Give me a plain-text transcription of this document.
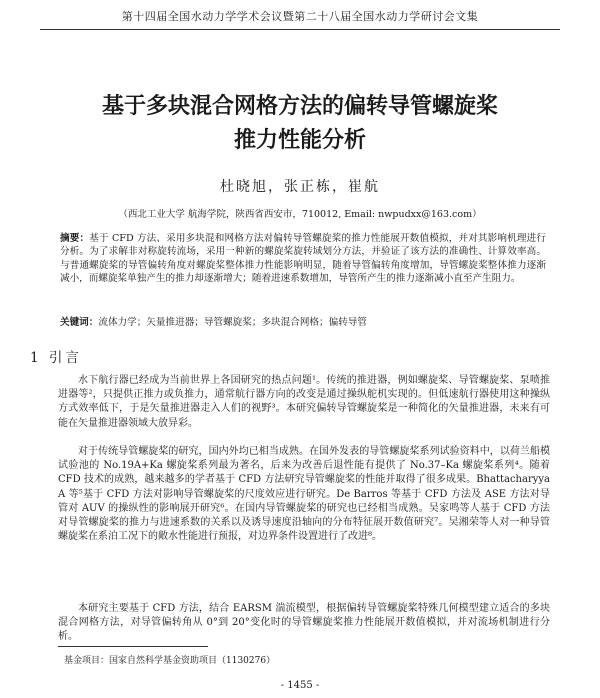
第十四届全国水动力学学术会议暨第二十八届全国水动力学研讨会文集
基于多块混合网格方法的偏转导管螺旋桨
推力性能分析
杜晓旭，张正栋，崔航
（西北工业大学 航海学院，陕西省西安市，710012, Email: nwpudxx@163.com）
摘要：基于 CFD 方法、采用多块混和网格方法对偏转导管螺旋桨的推力性能展开数值模拟，并对其影响机理进行分析。为了求解非对称旋转流场，采用一种新的螺旋桨旋转域划分方法，并验证了该方法的准确性、计算效率高。与普通螺旋桨的导管偏转角度对螺旋桨整体推力性能影响明显，随着导管偏转角度增加，导管螺旋桨整体推力逐渐减小，而螺旋桨单独产生的推力却逐渐增大；随着进速系数增加，导管所产生的推力逐渐减小直至产生阻力。
关键词：流体力学；矢量推进器；导管螺旋桨；多块混合网格；偏转导管
1 引言

水下航行器已经成为当前世界上各国研究的热点问题¹。传统的推进器，例如螺旋桨、导管螺旋桨、泵喷推进器等²，只提供正推力或负推力，通常航行器方向的改变是通过操纵舵机实现的。但低速航行器使用这种操纵方式效率低下，于是矢量推进器走入人们的视野³。本研究偏转导管螺旋桨是一种简化的矢量推进器，未来有可能在矢量推进器领域大放异彩。

对于传统导管螺旋桨的研究，国内外均已相当成熟。在国外发表的导管螺旋桨系列试验资料中，以荷兰船模试验池的 No.19A+Ka 螺旋桨系列最为著名，后来为改善后退性能有提供了 No.37–Ka 螺旋桨系列⁴。随着 CFD 技术的成熟，越来越多的学者基于 CFD 方法研究导管螺旋桨的性能并取得了很多成果。Bhattacharyya A 等⁵基于 CFD 方法对影响导管螺旋桨的尺度效应进行研究。De Barros 等基于 CFD 方法及 ASE 方法对导管对 AUV 的操纵性的影响展开研究⁶。在国内导管螺旋桨的研究也已经相当成熟。吴家鸣等人基于 CFD 方法对导管螺旋桨的推力与进速系数的关系以及诱导速度沿轴向的分布特征展开数值研究⁷。吴湘荣等人对一种导管螺旋桨在系泊工况下的敞水性能进行预报，对边界条件设置进行了改进⁸。

本研究主要基于 CFD 方法，结合 EARSM 湍流模型，根据偏转导管螺旋桨特殊几何模型建立适合的多块混合网格方法，对导管偏转角从 0°到 20°变化时的导管螺旋桨推力性能展开数值模拟，并对流场机制进行分析。

基金项目：国家自然科学基金资助项目（1130276）
- 1455 -
